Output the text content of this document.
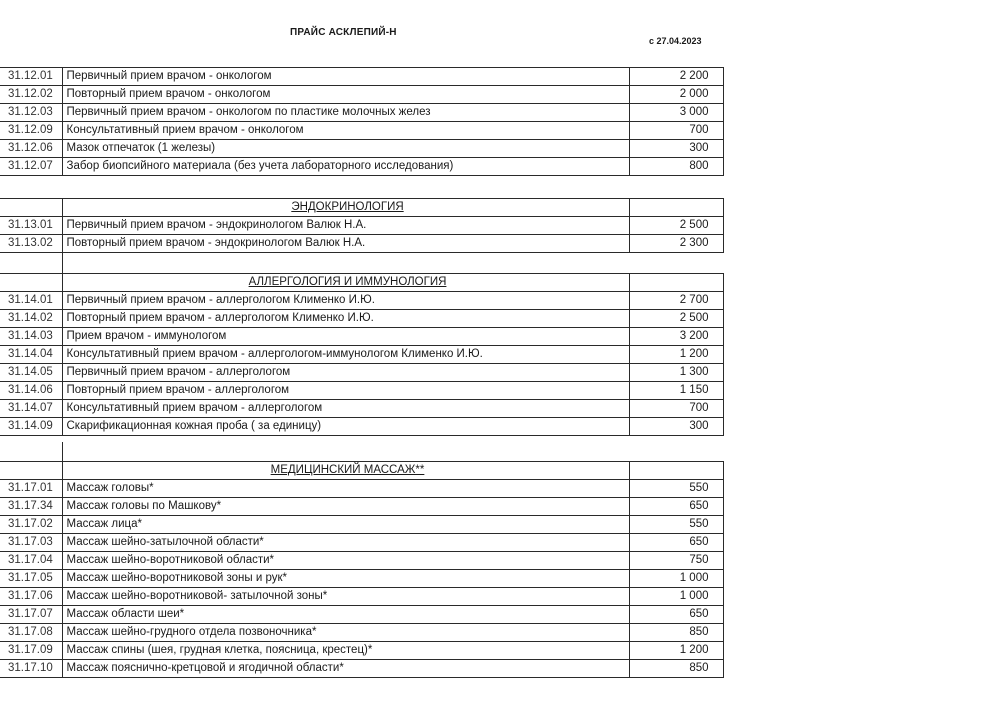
ПРАЙС АСКЛЕПИЙ-Н
с 27.04.2023
31.12.01	Первичный прием врачом - онкологом	2 200
31.12.02	Повторный прием врачом - онкологом	2 000
31.12.03	Первичный прием врачом - онкологом по пластике молочных желез	3 000
31.12.09	Консультативный прием врачом - онкологом	700
31.12.06	Мазок отпечаток (1 железы)	300
31.12.07	Забор биопсийного материала (без учета лабораторного исследования)	800
	ЭНДОКРИНОЛОГИЯ	
31.13.01	Первичный прием врачом - эндокринологом Валюк Н.А.	2 500
31.13.02	Повторный прием врачом - эндокринологом Валюк Н.А.	2 300
	АЛЛЕРГОЛОГИЯ И ИММУНОЛОГИЯ	
31.14.01	Первичный прием врачом - аллергологом Клименко И.Ю.	2 700
31.14.02	Повторный прием врачом - аллергологом Клименко И.Ю.	2 500
31.14.03	Прием врачом - иммунологом	3 200
31.14.04	Консультативный прием врачом - аллергологом-иммунологом Клименко И.Ю.	1 200
31.14.05	Первичный прием врачом - аллергологом	1 300
31.14.06	Повторный прием врачом - аллергологом	1 150
31.14.07	Консультативный прием врачом - аллергологом	700
31.14.09	Скарификационная кожная проба ( за единицу)	300
	МЕДИЦИНСКИЙ МАССАЖ**	
31.17.01	Массаж головы*	550
31.17.34	Массаж головы по Машкову*	650
31.17.02	Массаж лица*	550
31.17.03	Массаж шейно-затылочной области*	650
31.17.04	Массаж шейно-воротниковой области*	750
31.17.05	Массаж шейно-воротниковой зоны и рук*	1 000
31.17.06	Массаж шейно-воротниковой- затылочной зоны*	1 000
31.17.07	Массаж области шеи*	650
31.17.08	Массаж шейно-грудного отдела позвоночника*	850
31.17.09	Массаж спины (шея, грудная клетка, поясница, крестец)*	1 200
31.17.10	Массаж пояснично-кретцовой и ягодичной области*	850
